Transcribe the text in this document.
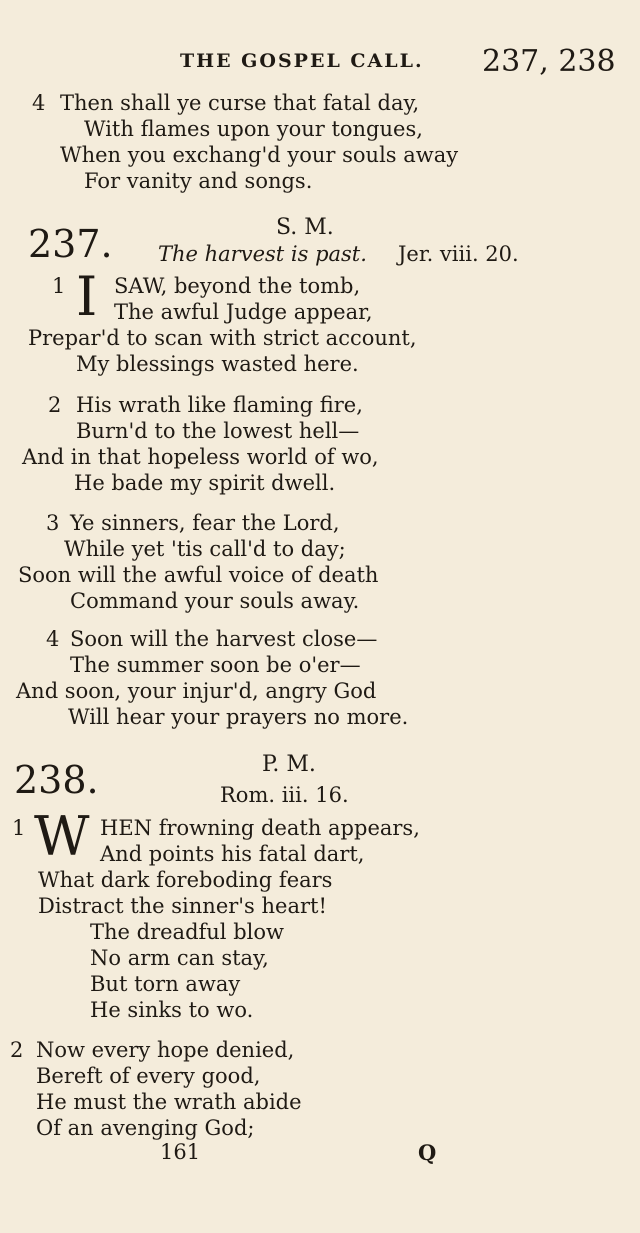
THE GOSPEL CALL. 237, 238
4 Then shall ye curse that fatal day,
With flames upon your tongues,
When you exchang'd your souls away
For vanity and songs.
237.	S. M.
The harvest is past. Jer. viii. 20.
1 I SAW, beyond the tomb,
The awful Judge appear,
Prepar'd to scan with strict account,
My blessings wasted here.
2 His wrath like flaming fire,
Burn'd to the lowest hell—
And in that hopeless world of wo,
He bade my spirit dwell.
3 Ye sinners, fear the Lord,
While yet 'tis call'd to day;
Soon will the awful voice of death
Command your souls away.
4 Soon will the harvest close—
The summer soon be o'er—
And soon, your injur'd, angry God
Will hear your prayers no more.
238.	P. M.
Rom. iii. 16.
1 W HEN frowning death appears,
And points his fatal dart,
What dark foreboding fears
Distract the sinner's heart!
The dreadful blow
No arm can stay,
But torn away
He sinks to wo.
2 Now every hope denied,
Bereft of every good,
He must the wrath abide
Of an avenging God;
161	Q
